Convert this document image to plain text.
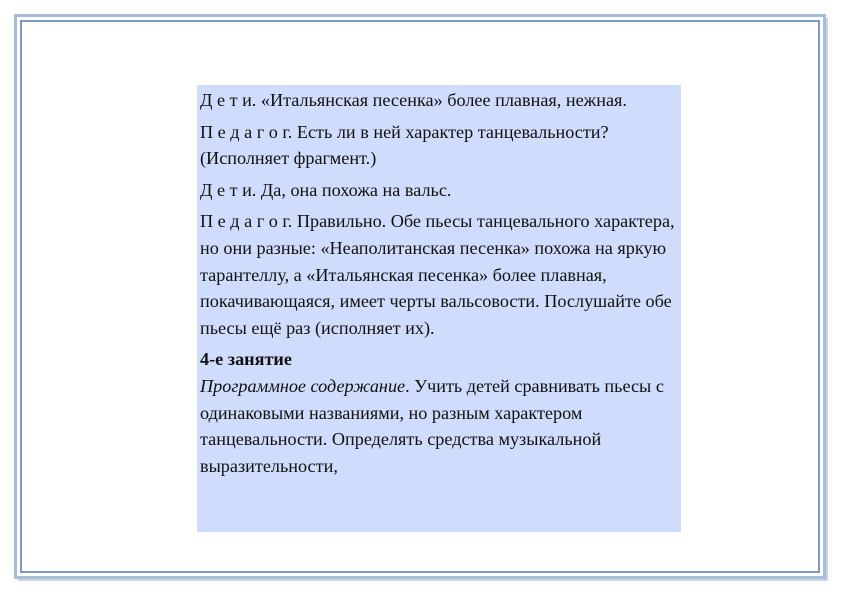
Д е т и. «Итальянская песенка» более плавная, нежная.

П е д а г о г. Есть ли в ней характер танцевальности? (Исполняет фрагмент.)

Д е т и. Да, она похожа на вальс.

П е д а г о г. Правильно. Обе пьесы танцевального характера, но они разные: «Неаполитанская песенка» похожа на яркую тарантеллу, а «Итальянская песенка» более плавная, покачивающаяся, имеет черты вальсовости. Послушайте обе пьесы ещё раз (исполняет их).

4-е занятие

Программное содержание. Учить детей сравнивать пьесы с одинаковыми названиями, но разным характером танцевальности. Определять средства музыкальной выразительности,
